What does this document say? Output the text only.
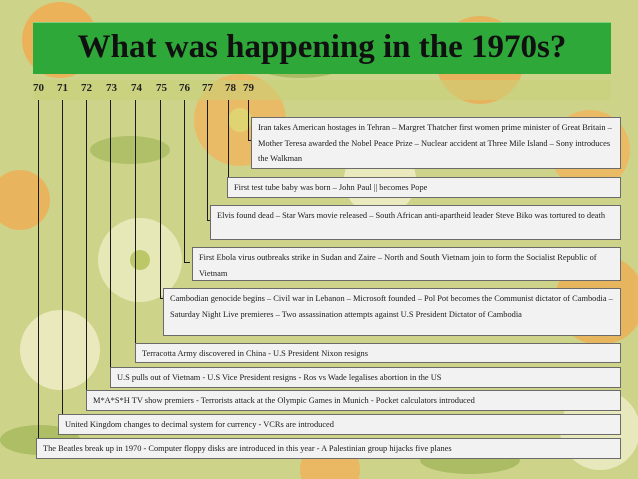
What was happening in the 1970s?
70 71 72 73 74 75 76 77 78 79
Iran takes American hostages in Tehran – Margret Thatcher first women prime minister of Great Britain – Mother Teresa awarded the Nobel Peace Prize – Nuclear accident at Three Mile Island – Sony introduces the Walkman
First test tube baby was born – John Paul || becomes Pope
Elvis found dead – Star Wars movie released – South African anti-apartheid leader Steve Biko was tortured to death
First Ebola virus outbreaks strike in Sudan and Zaire – North and South Vietnam join to form the Socialist Republic of Vietnam
Cambodian genocide begins – Civil war in Lebanon – Microsoft founded – Pol Pot becomes the Communist dictator of Cambodia – Saturday Night Live premieres – Two assassination attempts against U.S President Dictator of Cambodia
Terracotta Army discovered in China - U.S President Nixon resigns
U.S pulls out of Vietnam - U.S Vice President resigns - Ros vs Wade legalises abortion in the US
M*A*S*H TV show premiers - Terrorists attack at the Olympic Games in Munich - Pocket calculators introduced
United Kingdom changes to decimal system for currency - VCRs are introduced
The Beatles break up in 1970 - Computer floppy disks are introduced in this year - A Palestinian group hijacks five planes
